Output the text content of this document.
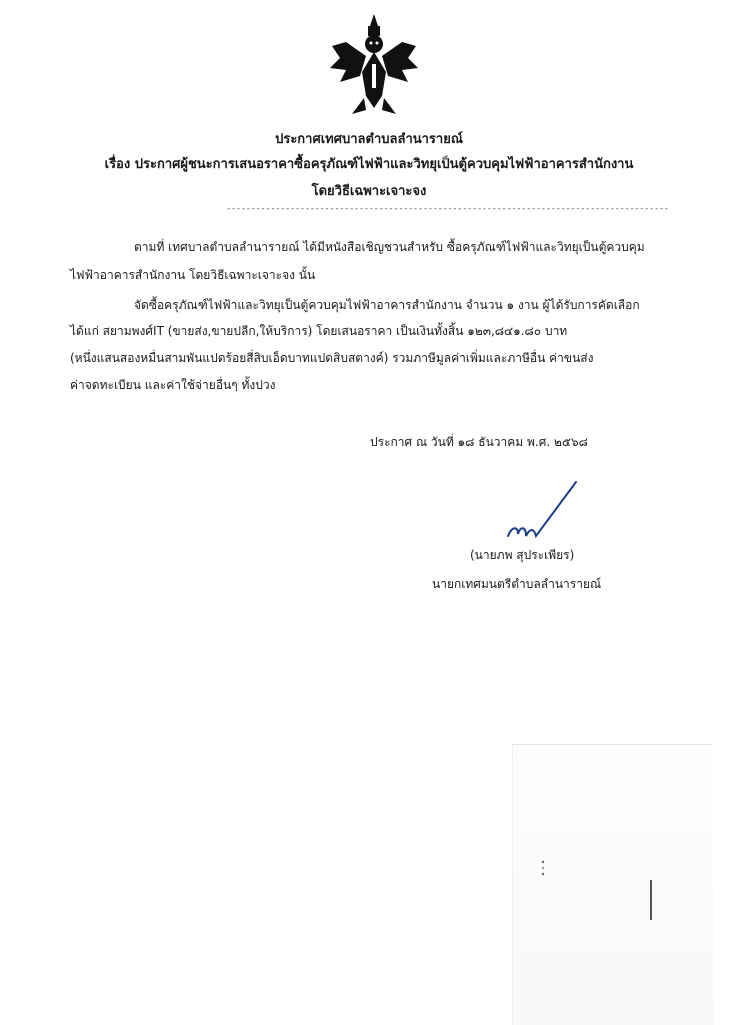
ประกาศเทศบาลตำบลลำนารายณ์
เรื่อง ประกาศผู้ชนะการเสนอราคาซื้อครุภัณฑ์ไฟฟ้าและวิทยุเป็นตู้ควบคุมไฟฟ้าอาคารสำนักงาน
โดยวิธีเฉพาะเจาะจง
------------------------------------------------------------------------------------------
ตามที่ เทศบาลตำบลลำนารายณ์ ได้มีหนังสือเชิญชวนสำหรับ ซื้อครุภัณฑ์ไฟฟ้าและวิทยุเป็นตู้ควบคุม
ไฟฟ้าอาคารสำนักงาน โดยวิธีเฉพาะเจาะจง นั้น
จัดซื้อครุภัณฑ์ไฟฟ้าและวิทยุเป็นตู้ควบคุมไฟฟ้าอาคารสำนักงาน จำนวน ๑ งาน ผู้ได้รับการคัดเลือก
ได้แก่ สยามพงศ์IT (ขายส่ง,ขายปลีก,ให้บริการ) โดยเสนอราคา เป็นเงินทั้งสิ้น ๑๒๓,๘๔๑.๘๐ บาท
(หนึ่งแสนสองหมื่นสามพันแปดร้อยสี่สิบเอ็ดบาทแปดสิบสตางค์) รวมภาษีมูลค่าเพิ่มและภาษีอื่น ค่าขนส่ง
ค่าจดทะเบียน และค่าใช้จ่ายอื่นๆ ทั้งปวง
ประกาศ ณ วันที่ ๑๘ ธันวาคม พ.ศ. ๒๕๖๘
(นายภพ สุประเพียร)
นายกเทศมนตรีตำบลลำนารายณ์
